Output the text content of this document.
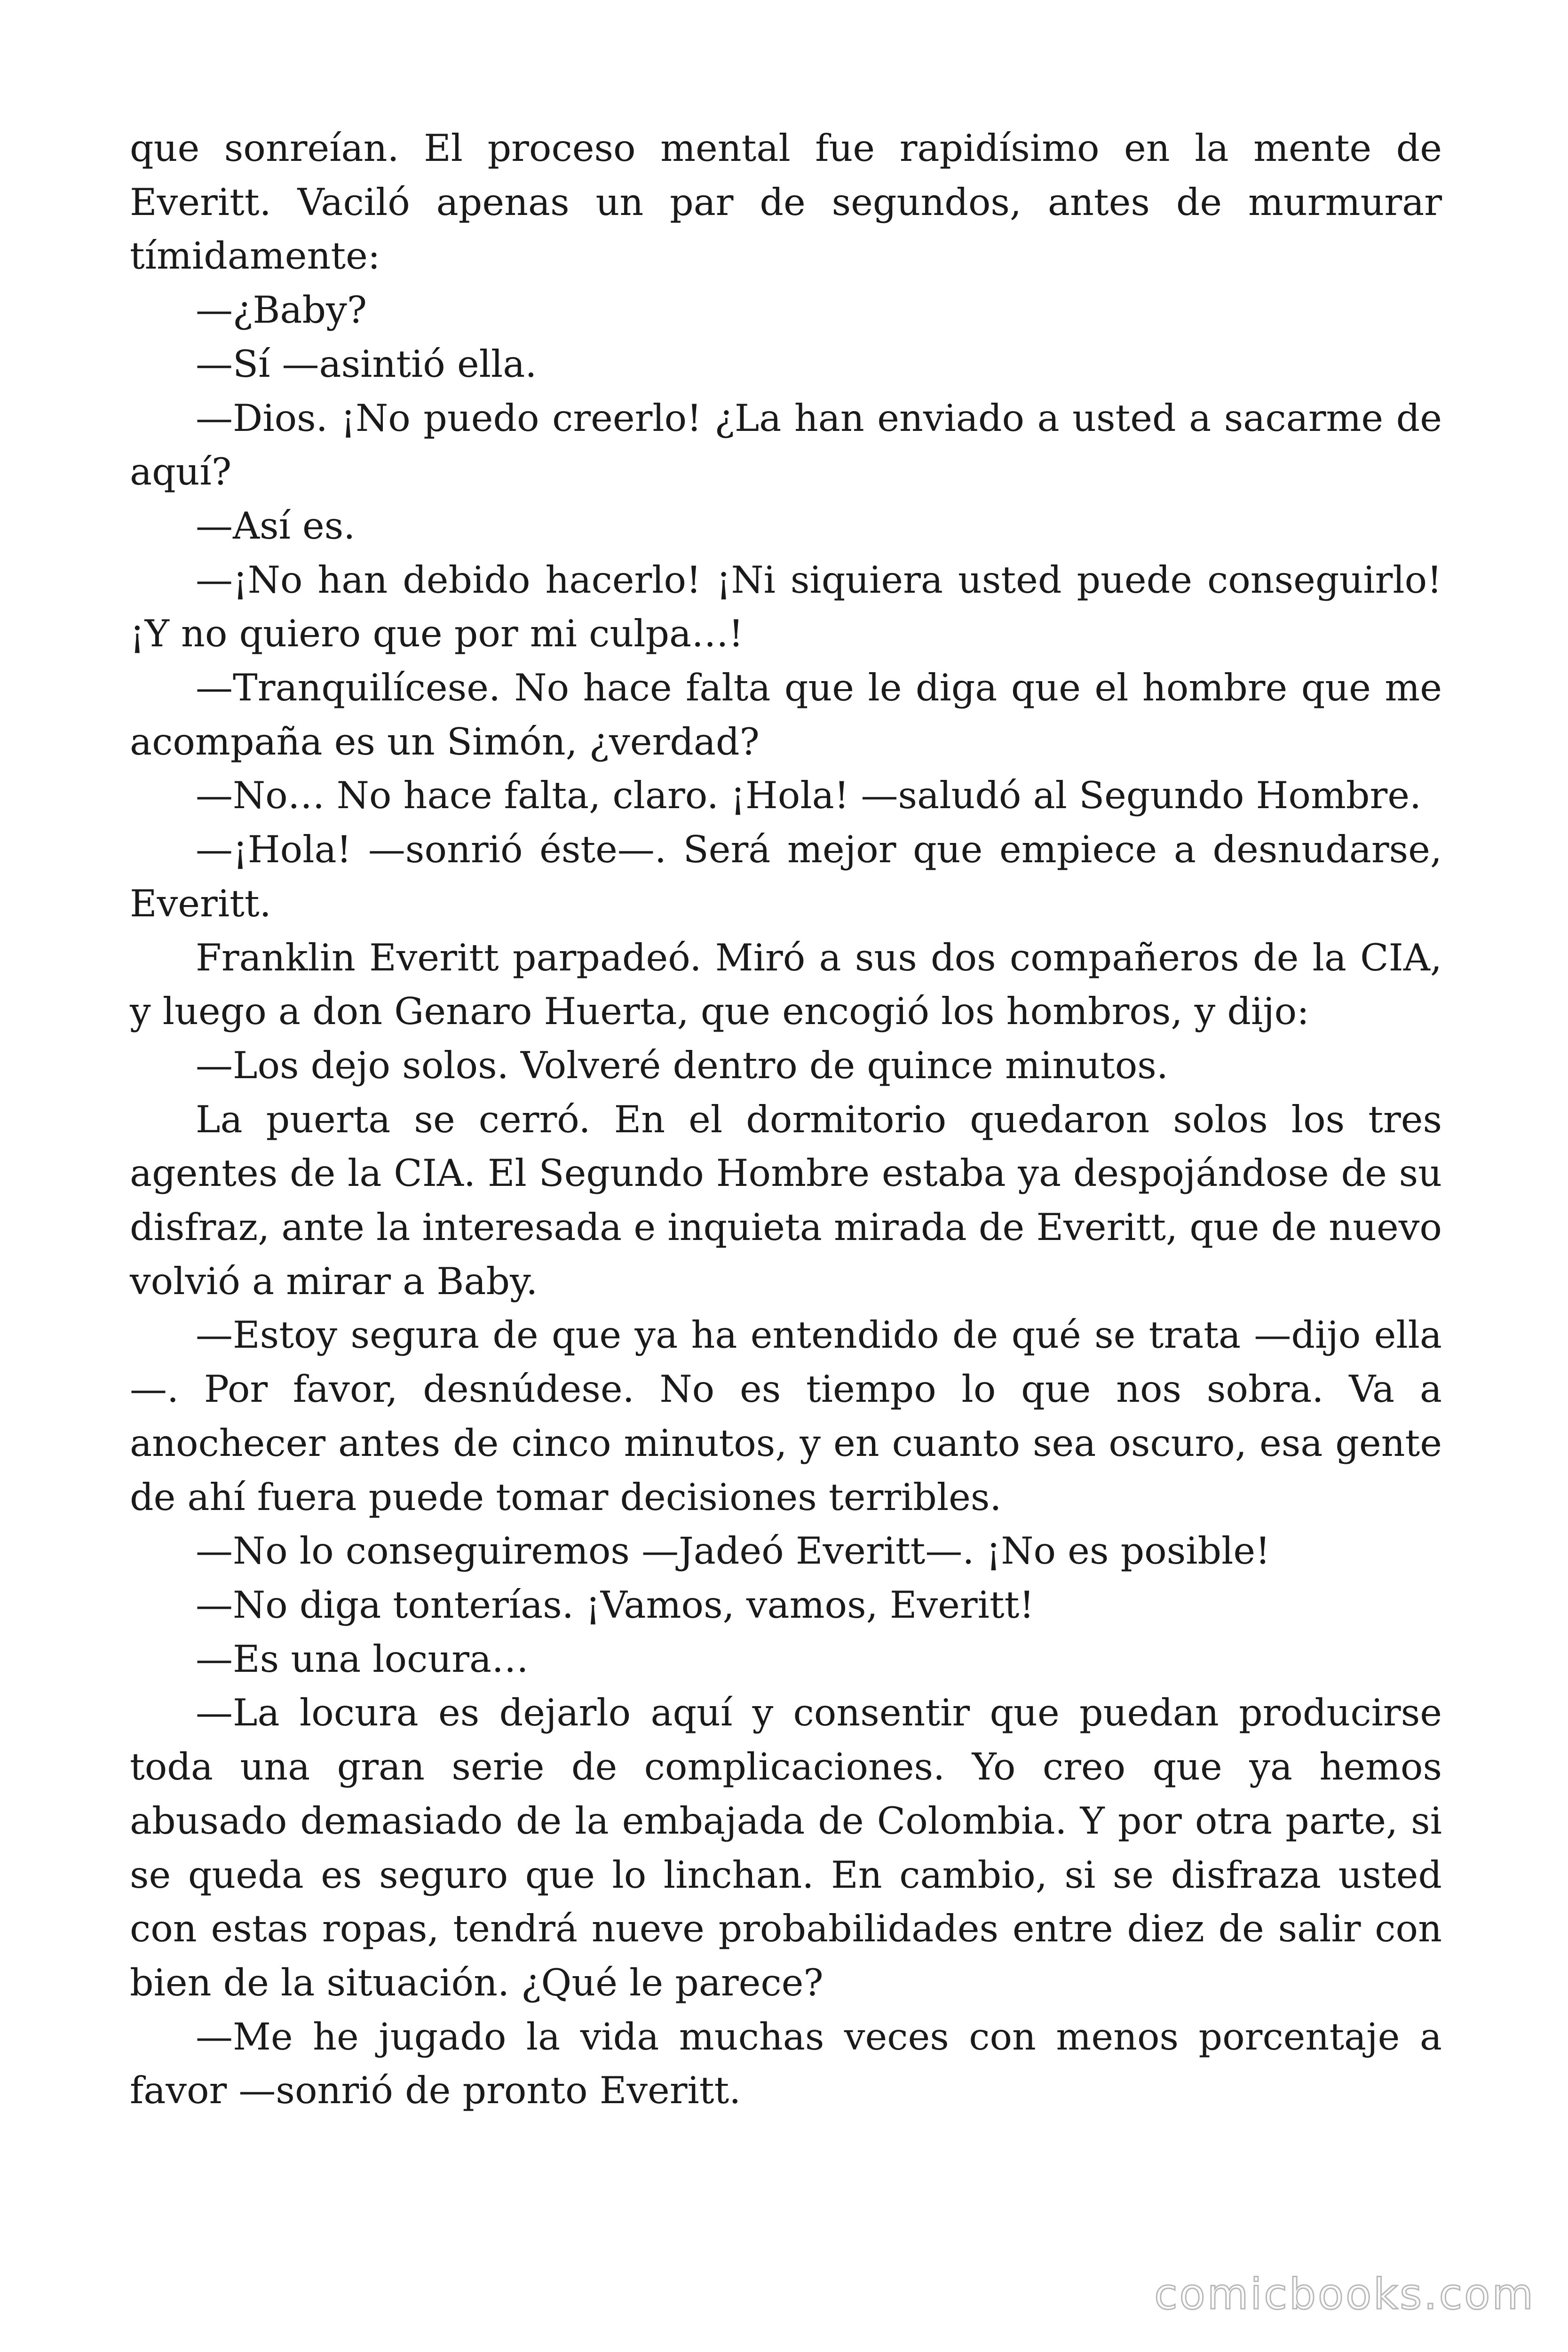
que sonreían. El proceso mental fue rapidísimo en la mente de Everitt. Vaciló apenas un par de segundos, antes de murmurar tímidamente:

—¿Baby?

—Sí —asintió ella.

—Dios. ¡No puedo creerlo! ¿La han enviado a usted a sacarme de aquí?

—Así es.

—¡No han debido hacerlo! ¡Ni siquiera usted puede conseguirlo! ¡Y no quiero que por mi culpa…!

—Tranquilícese. No hace falta que le diga que el hombre que me acompaña es un Simón, ¿verdad?

—No… No hace falta, claro. ¡Hola! —saludó al Segundo Hombre.

—¡Hola! —sonrió éste—. Será mejor que empiece a desnudarse, Everitt.

Franklin Everitt parpadeó. Miró a sus dos compañeros de la CIA, y luego a don Genaro Huerta, que encogió los hombros, y dijo:

—Los dejo solos. Volveré dentro de quince minutos.

La puerta se cerró. En el dormitorio quedaron solos los tres agentes de la CIA. El Segundo Hombre estaba ya despojándose de su disfraz, ante la interesada e inquieta mirada de Everitt, que de nuevo volvió a mirar a Baby.

—Estoy segura de que ya ha entendido de qué se trata —dijo ella—. Por favor, desnúdese. No es tiempo lo que nos sobra. Va a anochecer antes de cinco minutos, y en cuanto sea oscuro, esa gente de ahí fuera puede tomar decisiones terribles.

—No lo conseguiremos —Jadeó Everitt—. ¡No es posible!

—No diga tonterías. ¡Vamos, vamos, Everitt!

—Es una locura…

—La locura es dejarlo aquí y consentir que puedan producirse toda una gran serie de complicaciones. Yo creo que ya hemos abusado demasiado de la embajada de Colombia. Y por otra parte, si se queda es seguro que lo linchan. En cambio, si se disfraza usted con estas ropas, tendrá nueve probabilidades entre diez de salir con bien de la situación. ¿Qué le parece?

—Me he jugado la vida muchas veces con menos porcentaje a favor —sonrió de pronto Everitt.

comicbooks.com
